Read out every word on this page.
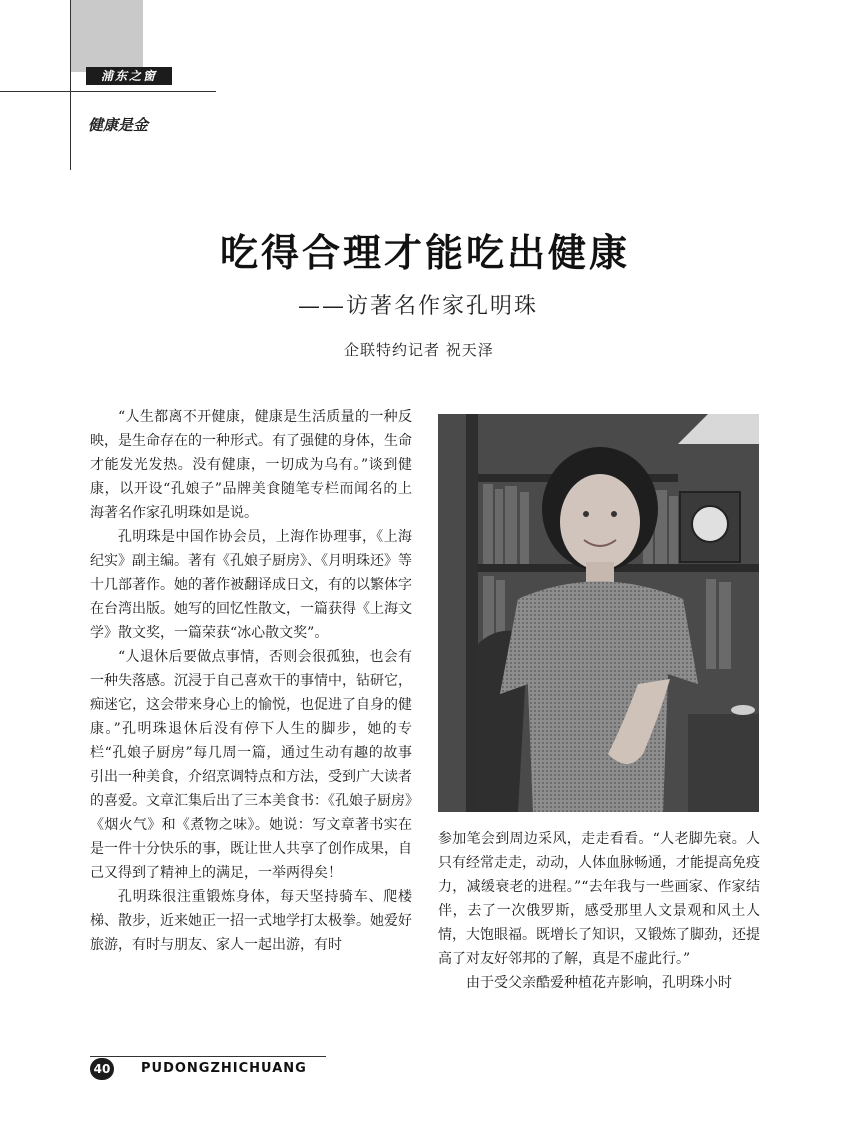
浦东之窗
健康是金
吃得合理才能吃出健康
——访著名作家孔明珠
企联特约记者 祝天泽

“人生都离不开健康，健康是生活质量的一种反映，是生命存在的一种形式。有了强健的身体，生命才能发光发热。没有健康，一切成为乌有。”谈到健康，以开设“孔娘子”品牌美食随笔专栏而闻名的上海著名作家孔明珠如是说。

孔明珠是中国作协会员，上海作协理事，《上海纪实》副主编。著有《孔娘子厨房》、《月明珠还》等十几部著作。她的著作被翻译成日文，有的以繁体字在台湾出版。她写的回忆性散文，一篇获得《上海文学》散文奖，一篇荣获“冰心散文奖”。

“人退休后要做点事情，否则会很孤独，也会有一种失落感。沉浸于自己喜欢干的事情中，钻研它，痴迷它，这会带来身心上的愉悦，也促进了自身的健康。”孔明珠退休后没有停下人生的脚步，她的专栏“孔娘子厨房”每几周一篇，通过生动有趣的故事引出一种美食，介绍烹调特点和方法，受到广大读者的喜爱。文章汇集后出了三本美食书：《孔娘子厨房》《烟火气》和《煮物之味》。她说：写文章著书实在是一件十分快乐的事，既让世人共享了创作成果，自己又得到了精神上的满足，一举两得矣！

孔明珠很注重锻炼身体，每天坚持骑车、爬楼梯、散步，近来她正一招一式地学打太极拳。她爱好旅游，有时与朋友、家人一起出游，有时

参加笔会到周边采风，走走看看。“人老脚先衰。人只有经常走走，动动，人体血脉畅通，才能提高免疫力，减缓衰老的进程。”“去年我与一些画家、作家结伴，去了一次俄罗斯，感受那里人文景观和风土人情，大饱眼福。既增长了知识，又锻炼了脚劲，还提高了对友好邻邦的了解，真是不虚此行。”

由于受父亲酷爱种植花卉影响，孔明珠小时

40 PUDONGZHICHUANG
